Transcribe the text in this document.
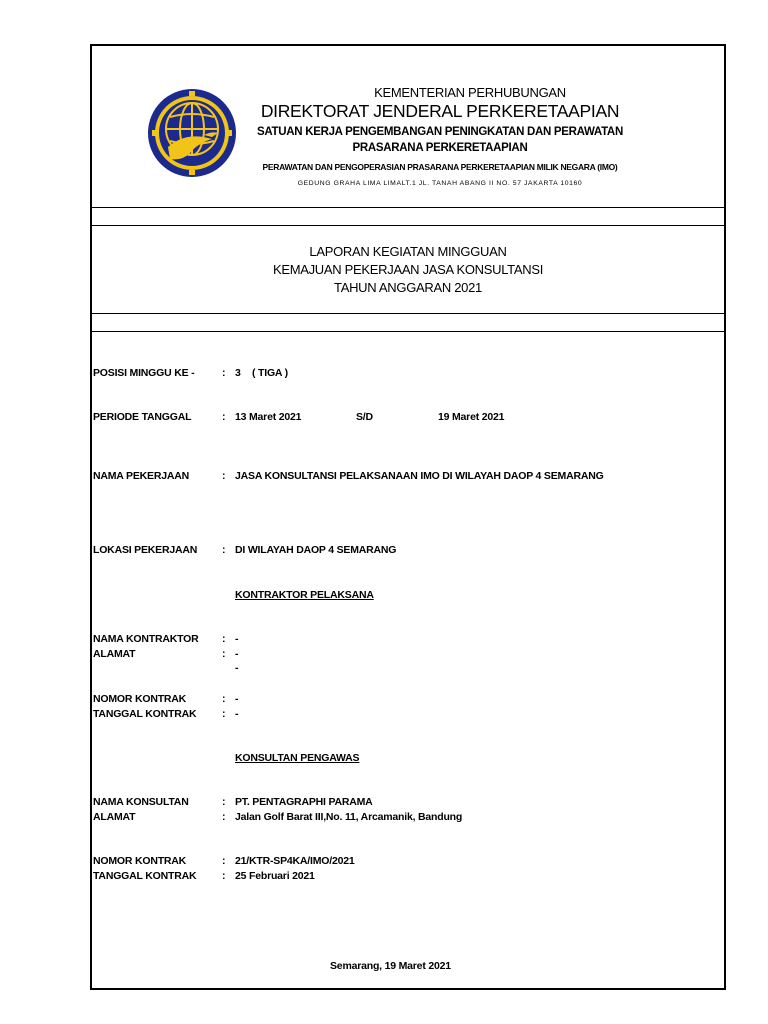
KEMENTERIAN PERHUBUNGAN
DIREKTORAT JENDERAL PERKERETAAPIAN
SATUAN KERJA PENGEMBANGAN PENINGKATAN DAN PERAWATAN
PRASARANA PERKERETAAPIAN
PERAWATAN DAN PENGOPERASIAN PRASARANA PERKERETAAPIAN MILIK NEGARA (IMO)
GEDUNG GRAHA LIMA LIMALT.1 JL. TANAH ABANG II NO. 57 JAKARTA 10160
LAPORAN KEGIATAN MINGGUAN
KEMAJUAN PEKERJAAN JASA KONSULTANSI
TAHUN ANGGARAN 2021
POSISI MINGGU KE -	: 3 ( TIGA )
PERIODE TANGGAL	: 13 Maret 2021	S/D	19 Maret 2021
NAMA PEKERJAAN	: JASA KONSULTANSI PELAKSANAAN IMO DI WILAYAH DAOP 4 SEMARANG
LOKASI PEKERJAAN : DI WILAYAH DAOP 4 SEMARANG
KONTRAKTOR PELAKSANA
NAMA KONTRAKTOR : -
ALAMAT	: -
-
NOMOR KONTRAK	: -
TANGGAL KONTRAK : -
KONSULTAN PENGAWAS
NAMA KONSULTAN	: PT. PENTAGRAPHI PARAMA
ALAMAT	: Jalan Golf Barat III,No. 11, Arcamanik, Bandung
NOMOR KONTRAK	: 21/KTR-SP4KA/IMO/2021
TANGGAL KONTRAK : 25 Februari 2021
Semarang, 19 Maret 2021
